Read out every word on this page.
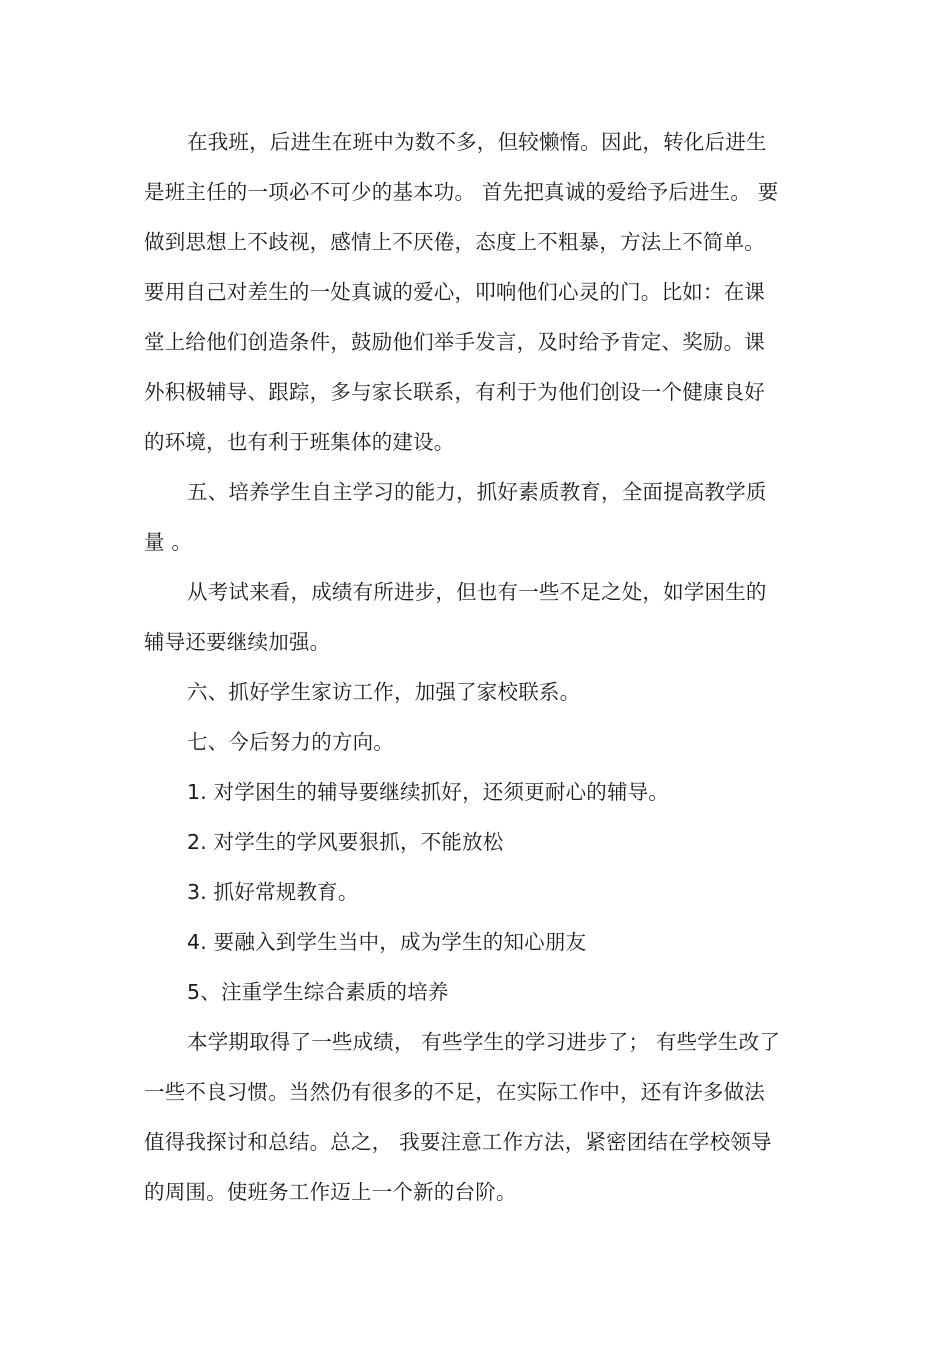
在我班，后进生在班中为数不多，但较懒惰。因此，转化后进生
是班主任的一项必不可少的基本功。 首先把真诚的爱给予后进生。 要
做到思想上不歧视，感情上不厌倦，态度上不粗暴，方法上不简单。
要用自己对差生的一处真诚的爱心，叩响他们心灵的门。比如：在课
堂上给他们创造条件，鼓励他们举手发言，及时给予肯定、奖励。课
外积极辅导、跟踪，多与家长联系，有利于为他们创设一个健康良好
的环境，也有利于班集体的建设。
五、培养学生自主学习的能力，抓好素质教育，全面提高教学质
量 。
从考试来看，成绩有所进步，但也有一些不足之处，如学困生的
辅导还要继续加强。
六、抓好学生家访工作，加强了家校联系。
七、今后努力的方向。
1. 对学困生的辅导要继续抓好，还须更耐心的辅导。
2. 对学生的学风要狠抓，不能放松
3. 抓好常规教育。
4. 要融入到学生当中，成为学生的知心朋友
5、注重学生综合素质的培养
本学期取得了一些成绩， 有些学生的学习进步了； 有些学生改了
一些不良习惯。当然仍有很多的不足，在实际工作中，还有许多做法
值得我探讨和总结。总之， 我要注意工作方法，紧密团结在学校领导
的周围。使班务工作迈上一个新的台阶。
